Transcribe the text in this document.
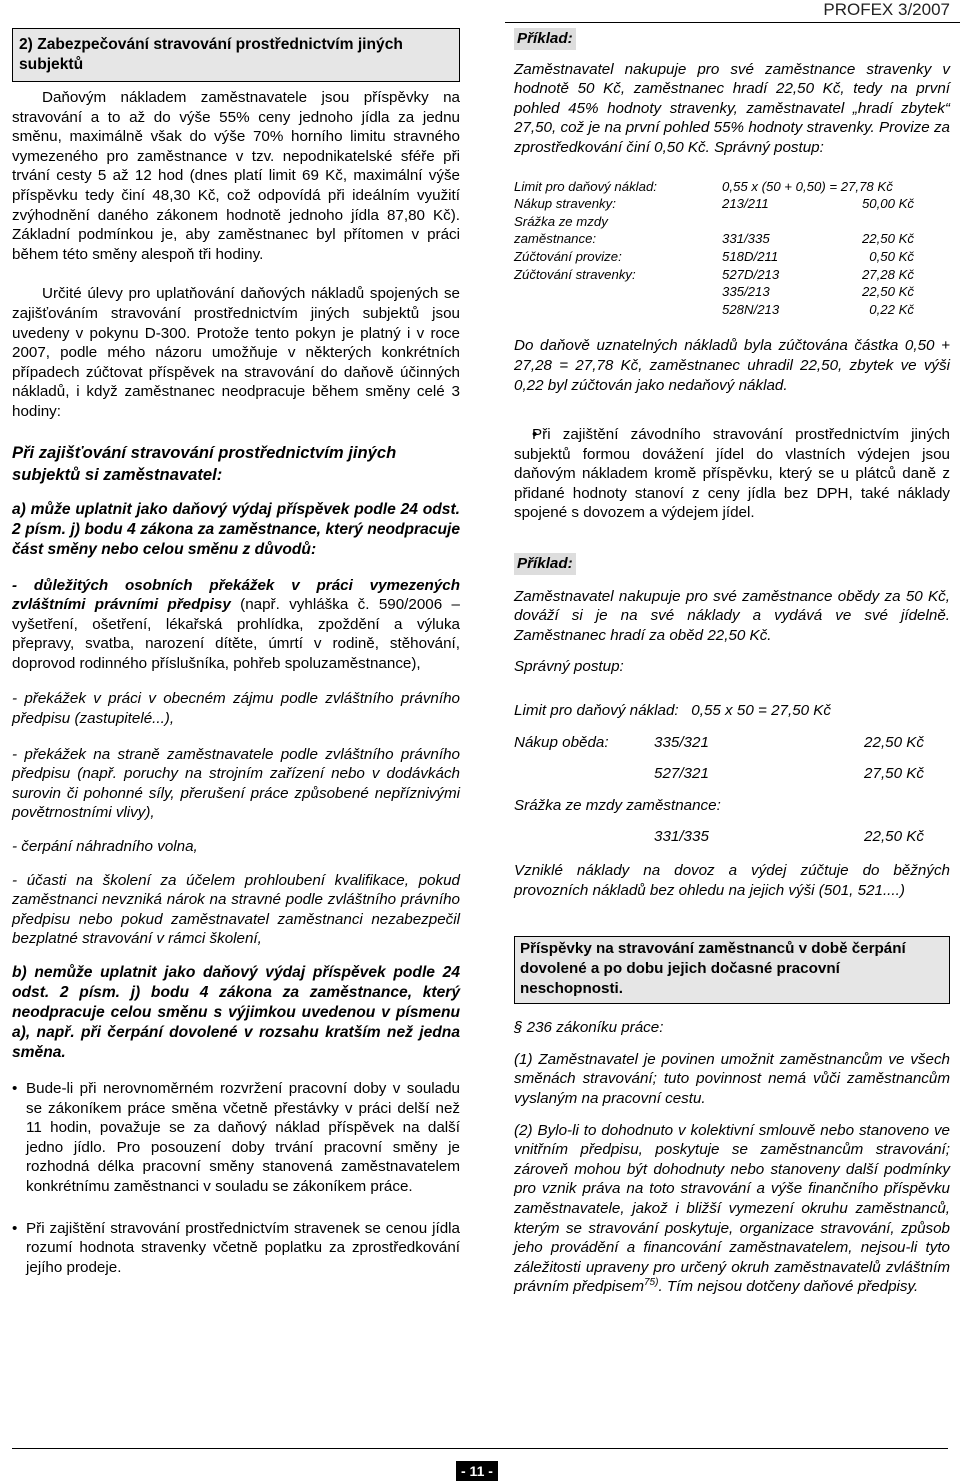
PROFEX 3/2007
2) Zabezpečování stravování prostřednictvím jiných subjektů

Daňovým nákladem zaměstnavatele jsou příspěvky na stravování a to až do výše 55% ceny jednoho jídla za jednu směnu, maximálně však do výše 70% horního limitu stravného vymezeného pro zaměstnance v tzv. nepodnikatelské sféře při trvání cesty 5 až 12 hod (dnes platí limit 69 Kč, maximální výše příspěvku tedy činí 48,30 Kč, což odpovídá při ideálním využití zvýhodnění daného zákonem hodnotě jednoho jídla 87,80 Kč). Základní podmínkou je, aby zaměstnanec byl přítomen v práci během této směny alespoň tři hodiny.

Určité úlevy pro uplatňování daňových nákladů spojených se zajišťováním stravování prostřednictvím jiných subjektů jsou uvedeny v pokynu D-300. Protože tento pokyn je platný i v roce 2007, podle mého názoru umožňuje v některých konkrétních případech zúčtovat příspěvek na stravování do daňově účinných nákladů, i když zaměstnanec neodpracuje během směny celé 3 hodiny:

Při zajišťování stravování prostřednictvím jiných subjektů si zaměstnavatel:

a) může uplatnit jako daňový výdaj příspěvek podle 24 odst. 2 písm. j) bodu 4 zákona za zaměstnance, který neodpracuje část směny nebo celou směnu z důvodů:

- důležitých osobních překážek v práci vymezených zvláštními právními předpisy (např. vyhláška č. 590/2006 – vyšetření, ošetření, lékařská prohlídka, zpoždění a výluka přepravy, svatba, narození dítěte, úmrtí v rodině, stěhování, doprovod rodinného příslušníka, pohřeb spoluzaměstnance),

- překážek v práci v obecném zájmu podle zvláštního právního předpisu (zastupitelé...),

- překážek na straně zaměstnavatele podle zvláštního právního předpisu (např. poruchy na strojním zařízení nebo v dodávkách surovin či pohonné síly, přerušení práce způsobené nepříznivými povětrnostními vlivy),

- čerpání náhradního volna,

- účasti na školení za účelem prohloubení kvalifikace, pokud zaměstnanci nevzniká nárok na stravné podle zvláštního právního předpisu nebo pokud zaměstnavatel zaměstnanci nezabezpečil bezplatné stravování v rámci školení,

b) nemůže uplatnit jako daňový výdaj příspěvek podle 24 odst. 2 písm. j) bodu 4 zákona za zaměstnance, který neodpracuje celou směnu s výjimkou uvedenou v písmenu a), např. při čerpání dovolené v rozsahu kratším než jedna směna.

• Bude-li při nerovnoměrném rozvržení pracovní doby v souladu se zákoníkem práce směna včetně přestávky v práci delší než 11 hodin, považuje se za daňový náklad příspěvek na další jedno jídlo. Pro posouzení doby trvání pracovní směny je rozhodná délka pracovní směny stanovená zaměstnavatelem konkrétnímu zaměstnanci v souladu se zákoníkem práce.

• Při zajištění stravování prostřednictvím stravenek se cenou jídla rozumí hodnota stravenky včetně poplatku za zprostředkování jejího prodeje.

Příklad:

Zaměstnavatel nakupuje pro své zaměstnance stravenky v hodnotě 50 Kč, zaměstnanec hradí 22,50 Kč, tedy na první pohled 45% hodnoty stravenky, zaměstnavatel „hradí zbytek“ 27,50, což je na první pohled 55% hodnoty stravenky. Provize za zprostředkování činí 0,50 Kč. Správný postup:

Limit pro daňový náklad:	0,55 x (50 + 0,50) = 27,78 Kč
Nákup stravenky:	213/211	50,00 Kč
Srážka ze mzdy
zaměstnance:	331/335	22,50 Kč
Zúčtování provize:	518D/211	0,50 Kč
Zúčtování stravenky:	527D/213	27,28 Kč
335/213	22,50 Kč
528N/213	0,22 Kč

Do daňově uznatelných nákladů byla zúčtována částka 0,50 + 27,28 = 27,78 Kč, zaměstnanec uhradil 22,50, zbytek ve výši 0,22 byl zúčtován jako nedaňový náklad.

• Při zajištění závodního stravování prostřednictvím jiných subjektů formou dovážení jídel do vlastních výdejen jsou daňovým nákladem kromě příspěvku, který se u plátců daně z přidané hodnoty stanoví z ceny jídla bez DPH, také náklady spojené s dovozem a výdejem jídel.

Příklad:

Zaměstnavatel nakupuje pro své zaměstnance obědy za 50 Kč, dováží si je na své náklady a vydává ve své jídelně. Zaměstnanec hradí za oběd 22,50 Kč.

Správný postup:

Limit pro daňový náklad:   0,55 x 50 = 27,50 Kč

Nákup oběda:	335/321	22,50 Kč
527/321	27,50 Kč

Srážka ze mzdy zaměstnance:

331/335	22,50 Kč

Vzniklé náklady na dovoz a výdej zúčtuje do běžných provozních nákladů bez ohledu na jejich výši (501, 521....)

Příspěvky na stravování zaměstnanců v době čerpání dovolené a po dobu jejich dočasné pracovní neschopnosti.

§ 236 zákoníku práce:

(1) Zaměstnavatel je povinen umožnit zaměstnancům ve všech směnách stravování; tuto povinnost nemá vůči zaměstnancům vyslaným na pracovní cestu.

(2) Bylo-li to dohodnuto v kolektivní smlouvě nebo stanoveno ve vnitřním předpisu, poskytuje se zaměstnancům stravování; zároveň mohou být dohodnuty nebo stanoveny další podmínky pro vznik práva na toto stravování a výše finančního příspěvku zaměstnavatele, jakož i bližší vymezení okruhu zaměstnanců, kterým se stravování poskytuje, organizace stravování, způsob jeho provádění a financování zaměstnavatelem, nejsou-li tyto záležitosti upraveny pro určený okruh zaměstnavatelů zvláštním právním předpisem$^{75)}$. Tím nejsou dotčeny daňové předpisy.

- 11 -
